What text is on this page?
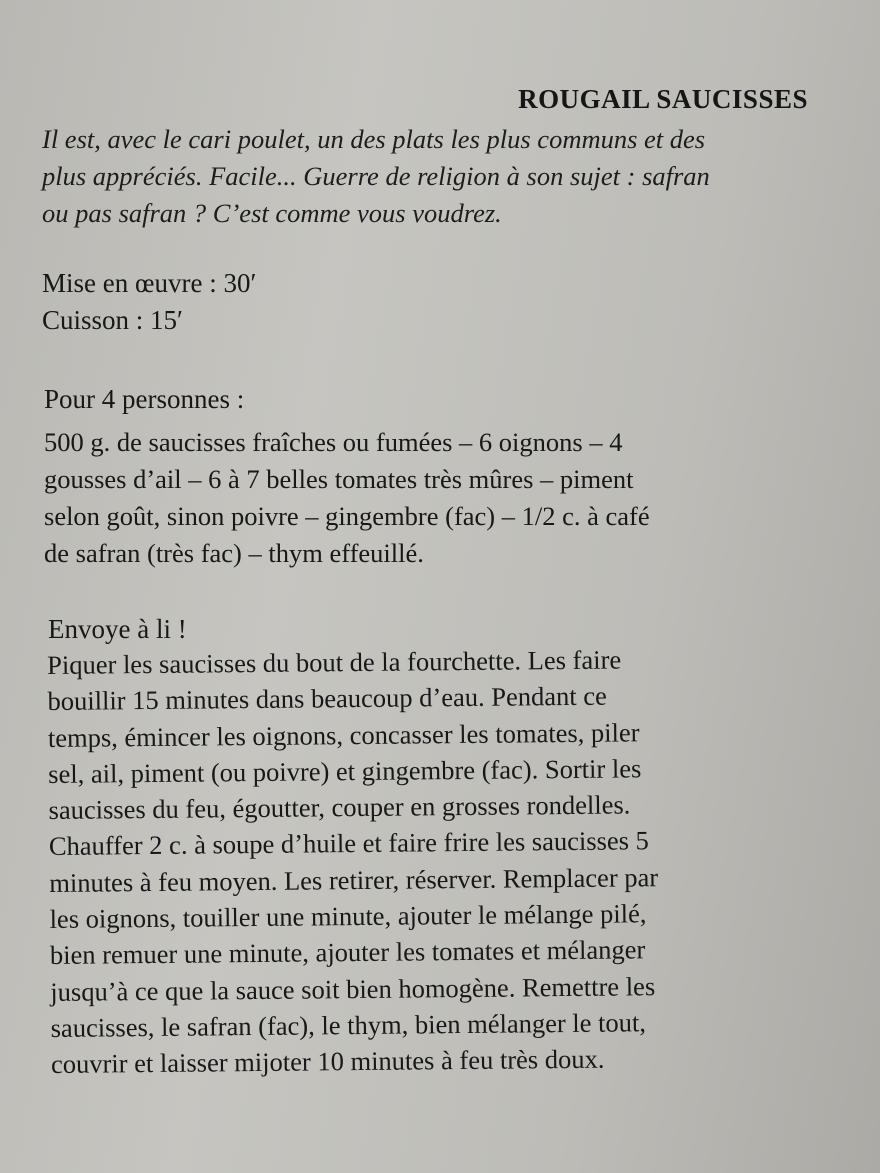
ROUGAIL SAUCISSES

Il est, avec le cari poulet, un des plats les plus communs et des
plus appréciés. Facile... Guerre de religion à son sujet : safran
ou pas safran ? C’est comme vous voudrez.

Mise en œuvre : 30′
Cuisson : 15′
Pour 4 personnes :
500 g. de saucisses fraîches ou fumées – 6 oignons – 4
gousses d’ail – 6 à 7 belles tomates très mûres – piment
selon goût, sinon poivre – gingembre (fac) – 1/2 c. à café
de safran (très fac) – thym effeuillé.
Envoye à li !
Piquer les saucisses du bout de la fourchette. Les faire
bouillir 15 minutes dans beaucoup d’eau. Pendant ce
temps, émincer les oignons, concasser les tomates, piler
sel, ail, piment (ou poivre) et gingembre (fac). Sortir les
saucisses du feu, égoutter, couper en grosses rondelles.
Chauffer 2 c. à soupe d’huile et faire frire les saucisses 5
minutes à feu moyen. Les retirer, réserver. Remplacer par
les oignons, touiller une minute, ajouter le mélange pilé,
bien remuer une minute, ajouter les tomates et mélanger
jusqu’à ce que la sauce soit bien homogène. Remettre les
saucisses, le safran (fac), le thym, bien mélanger le tout,
couvrir et laisser mijoter 10 minutes à feu très doux.
